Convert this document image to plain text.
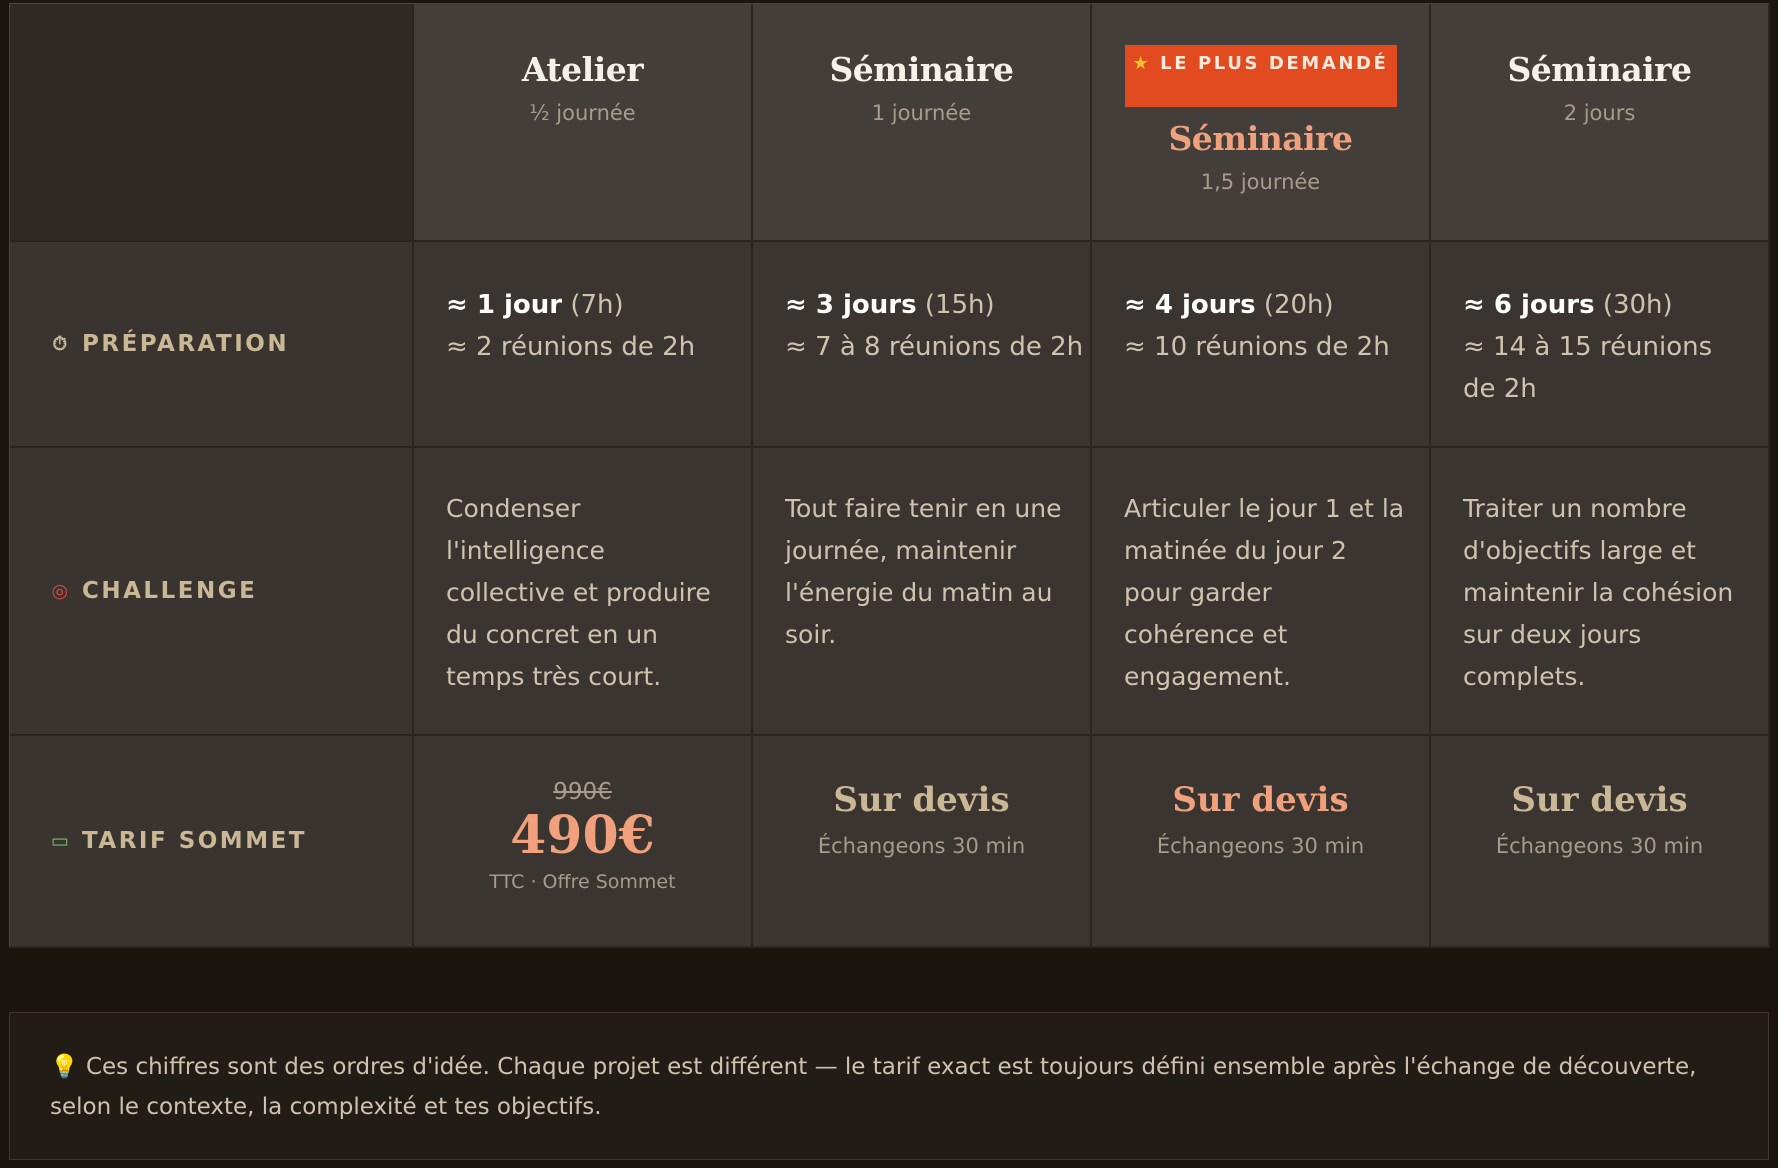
Atelier
½ journée
Séminaire
1 journée
★ LE PLUS DEMANDÉ
Séminaire
1,5 journée
Séminaire
2 jours
⏱ PRÉPARATION
≈ 1 jour (7h)
≈ 2 réunions de 2h
≈ 3 jours (15h)
≈ 7 à 8 réunions de 2h
≈ 4 jours (20h)
≈ 10 réunions de 2h
≈ 6 jours (30h)
≈ 14 à 15 réunions de 2h
◎ CHALLENGE
Condenser l'intelligence collective et produire du concret en un temps très court.
Tout faire tenir en une journée, maintenir l'énergie du matin au soir.
Articuler le jour 1 et la matinée du jour 2 pour garder cohérence et engagement.
Traiter un nombre d'objectifs large et maintenir la cohésion sur deux jours complets.
▭ TARIF SOMMET
990€
490€
TTC · Offre Sommet
Sur devis
Échangeons 30 min
Sur devis
Échangeons 30 min
Sur devis
Échangeons 30 min
💡 Ces chiffres sont des ordres d'idée. Chaque projet est différent — le tarif exact est toujours défini ensemble après l'échange de découverte, selon le contexte, la complexité et tes objectifs.
